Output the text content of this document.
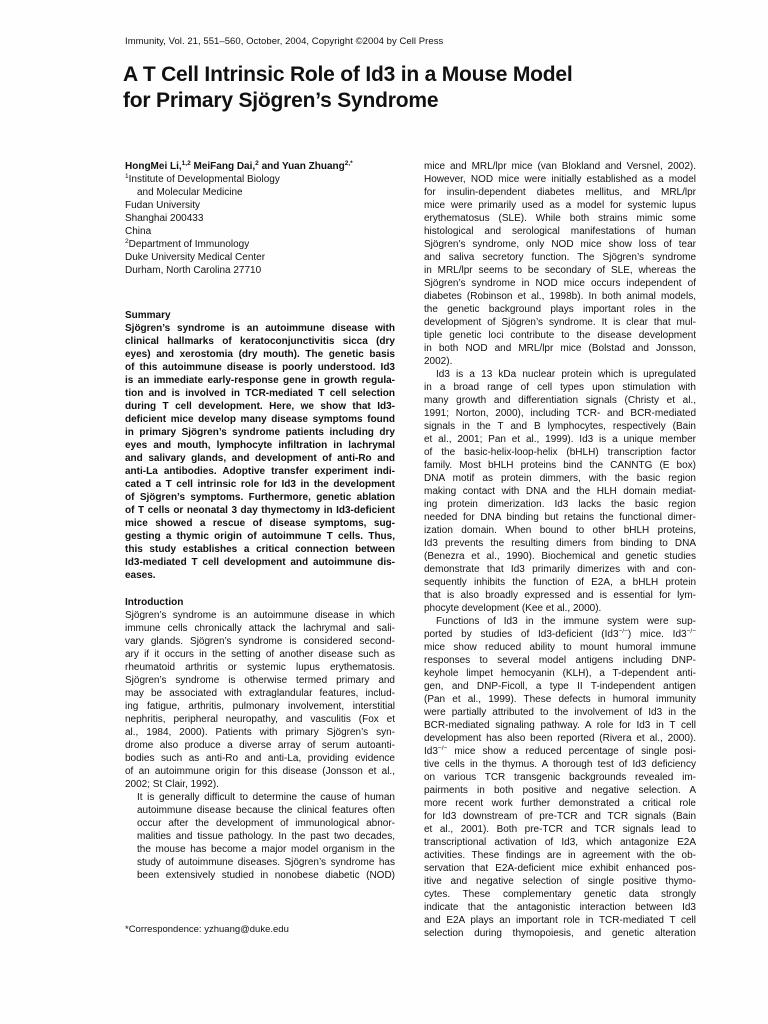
Immunity, Vol. 21, 551–560, October, 2004, Copyright ©2004 by Cell Press
A T Cell Intrinsic Role of Id3 in a Mouse Model
for Primary Sjögren’s Syndrome
HongMei Li,$^{1,2}$ MeiFang Dai,$^2$ and Yuan Zhuang$^{2,*}$
$^1$Institute of Developmental Biology
and Molecular Medicine
Fudan University
Shanghai 200433
China
$^2$Department of Immunology
Duke University Medical Center
Durham, North Carolina 27710
Summary
Sjögren’s syndrome is an autoimmune disease with
clinical hallmarks of keratoconjunctivitis sicca (dry
eyes) and xerostomia (dry mouth). The genetic basis
of this autoimmune disease is poorly understood. Id3
is an immediate early-response gene in growth regula-
tion and is involved in TCR-mediated T cell selection
during T cell development. Here, we show that Id3-
deficient mice develop many disease symptoms found
in primary Sjögren’s syndrome patients including dry
eyes and mouth, lymphocyte infiltration in lachrymal
and salivary glands, and development of anti-Ro and
anti-La antibodies. Adoptive transfer experiment indi-
cated a T cell intrinsic role for Id3 in the development
of Sjögren’s symptoms. Furthermore, genetic ablation
of T cells or neonatal 3 day thymectomy in Id3-deficient
mice showed a rescue of disease symptoms, sug-
gesting a thymic origin of autoimmune T cells. Thus,
this study establishes a critical connection between
Id3-mediated T cell development and autoimmune dis-
eases.
Introduction
Sjögren’s syndrome is an autoimmune disease in which
immune cells chronically attack the lachrymal and sali-
vary glands. Sjögren’s syndrome is considered second-
ary if it occurs in the setting of another disease such as
rheumatoid arthritis or systemic lupus erythematosis.
Sjögren’s syndrome is otherwise termed primary and
may be associated with extraglandular features, includ-
ing fatigue, arthritis, pulmonary involvement, interstitial
nephritis, peripheral neuropathy, and vasculitis (Fox et
al., 1984, 2000). Patients with primary Sjögren’s syn-
drome also produce a diverse array of serum autoanti-
bodies such as anti-Ro and anti-La, providing evidence
of an autoimmune origin for this disease (Jonsson et al.,
2002; St Clair, 1992).
It is generally difficult to determine the cause of human
autoimmune disease because the clinical features often
occur after the development of immunological abnor-
malities and tissue pathology. In the past two decades,
the mouse has become a major model organism in the
study of autoimmune diseases. Sjögren’s syndrome has
been extensively studied in nonobese diabetic (NOD)
mice and MRL/lpr mice (van Blokland and Versnel, 2002).
However, NOD mice were initially established as a model
for insulin-dependent diabetes mellitus, and MRL/lpr
mice were primarily used as a model for systemic lupus
erythematosus (SLE). While both strains mimic some
histological and serological manifestations of human
Sjögren’s syndrome, only NOD mice show loss of tear
and saliva secretory function. The Sjögren’s syndrome
in MRL/lpr seems to be secondary of SLE, whereas the
Sjögren’s syndrome in NOD mice occurs independent of
diabetes (Robinson et al., 1998b). In both animal models,
the genetic background plays important roles in the
development of Sjögren’s syndrome. It is clear that mul-
tiple genetic loci contribute to the disease development
in both NOD and MRL/lpr mice (Bolstad and Jonsson,
2002).
Id3 is a 13 kDa nuclear protein which is upregulated
in a broad range of cell types upon stimulation with
many growth and differentiation signals (Christy et al.,
1991; Norton, 2000), including TCR- and BCR-mediated
signals in the T and B lymphocytes, respectively (Bain
et al., 2001; Pan et al., 1999). Id3 is a unique member
of the basic-helix-loop-helix (bHLH) transcription factor
family. Most bHLH proteins bind the CANNTG (E box)
DNA motif as protein dimmers, with the basic region
making contact with DNA and the HLH domain mediat-
ing protein dimerization. Id3 lacks the basic region
needed for DNA binding but retains the functional dimer-
ization domain. When bound to other bHLH proteins,
Id3 prevents the resulting dimers from binding to DNA
(Benezra et al., 1990). Biochemical and genetic studies
demonstrate that Id3 primarily dimerizes with and con-
sequently inhibits the function of E2A, a bHLH protein
that is also broadly expressed and is essential for lym-
phocyte development (Kee et al., 2000).
Functions of Id3 in the immune system were sup-
ported by studies of Id3-deficient (Id3−/−) mice. Id3−/−
mice show reduced ability to mount humoral immune
responses to several model antigens including DNP-
keyhole limpet hemocyanin (KLH), a T-dependent anti-
gen, and DNP-Ficoll, a type II T-independent antigen
(Pan et al., 1999). These defects in humoral immunity
were partially attributed to the involvement of Id3 in the
BCR-mediated signaling pathway. A role for Id3 in T cell
development has also been reported (Rivera et al., 2000).
Id3−/− mice show a reduced percentage of single posi-
tive cells in the thymus. A thorough test of Id3 deficiency
on various TCR transgenic backgrounds revealed im-
pairments in both positive and negative selection. A
more recent work further demonstrated a critical role
for Id3 downstream of pre-TCR and TCR signals (Bain
et al., 2001). Both pre-TCR and TCR signals lead to
transcriptional activation of Id3, which antagonize E2A
activities. These findings are in agreement with the ob-
servation that E2A-deficient mice exhibit enhanced pos-
itive and negative selection of single positive thymo-
cytes. These complementary genetic data strongly
indicate that the antagonistic interaction between Id3
and E2A plays an important role in TCR-mediated T cell
selection during thymopoiesis, and genetic alteration
*Correspondence: yzhuang@duke.edu
